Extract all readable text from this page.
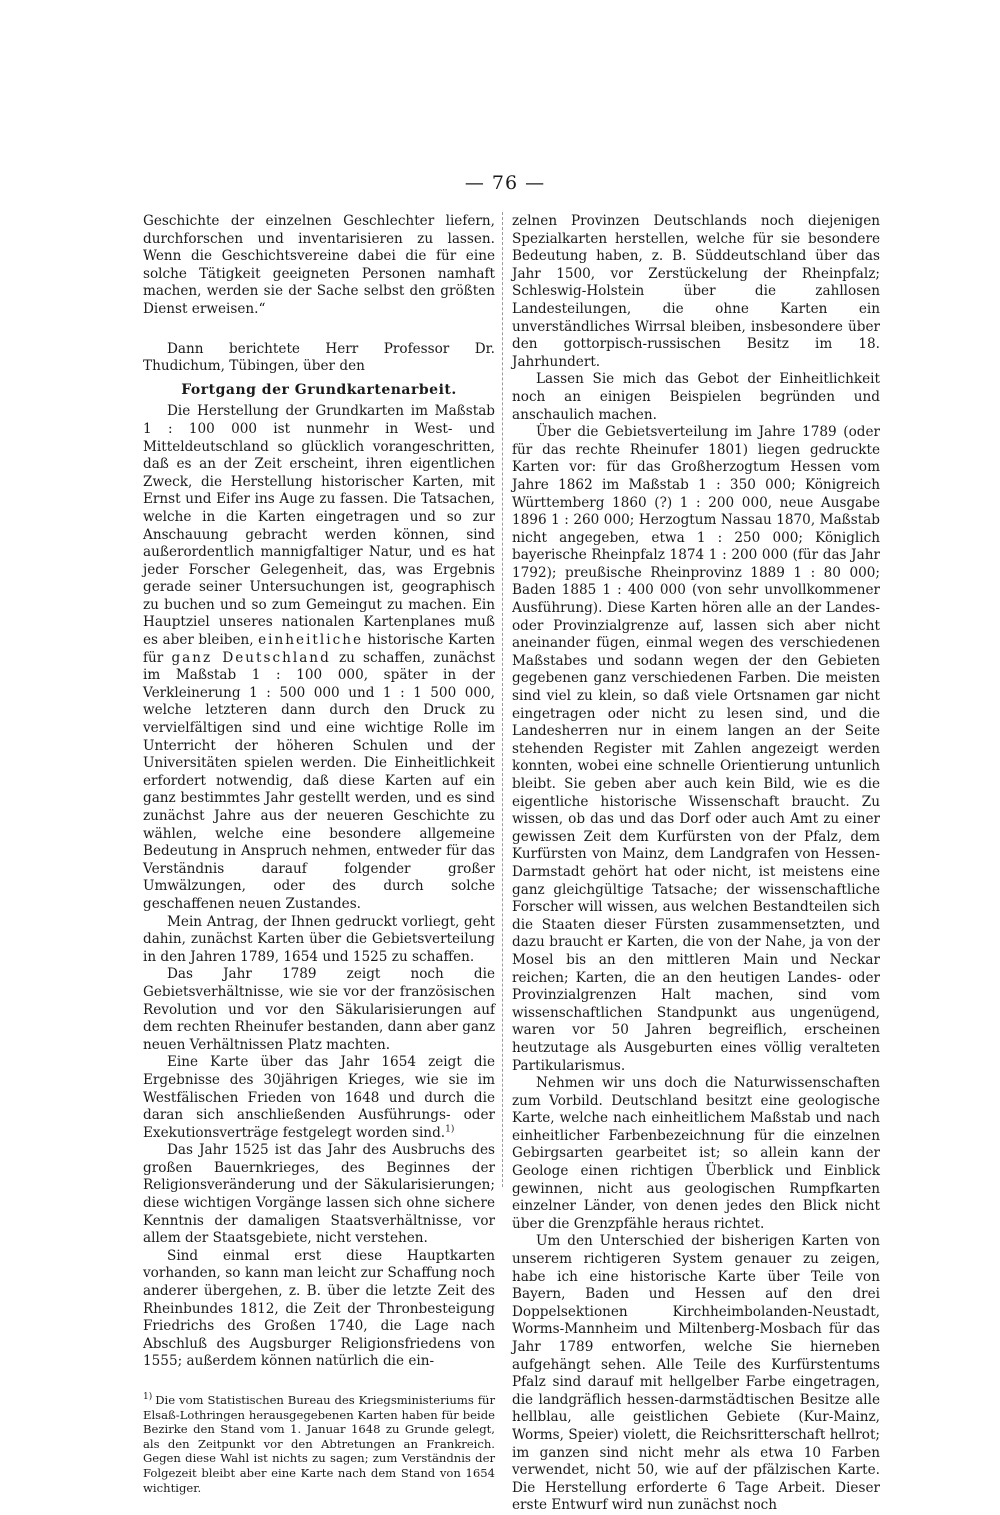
— 76 —

Geschichte der einzelnen Geschlechter liefern, durchforschen und inventarisieren zu lassen. Wenn die Geschichtsvereine dabei die für eine solche Tätigkeit geeigneten Personen namhaft machen, werden sie der Sache selbst den größten Dienst erweisen.“

Dann berichtete Herr Professor Dr. Thudichum, Tübingen, über den

Fortgang der Grundkartenarbeit.

Die Herstellung der Grundkarten im Maßstab 1 : 100 000 ist nunmehr in West- und Mitteldeutschland so glücklich vorangeschritten, daß es an der Zeit erscheint, ihren eigentlichen Zweck, die Herstellung historischer Karten, mit Ernst und Eifer ins Auge zu fassen. Die Tatsachen, welche in die Karten eingetragen und so zur Anschauung gebracht werden können, sind außerordentlich mannigfaltiger Natur, und es hat jeder Forscher Gelegenheit, das, was Ergebnis gerade seiner Untersuchungen ist, geographisch zu buchen und so zum Gemeingut zu machen. Ein Hauptziel unseres nationalen Kartenplanes muß es aber bleiben, einheitliche historische Karten für ganz Deutschland zu schaffen, zunächst im Maßstab 1 : 100 000, später in der Verkleinerung 1 : 500 000 und 1 : 1 500 000, welche letzteren dann durch den Druck zu vervielfältigen sind und eine wichtige Rolle im Unterricht der höheren Schulen und der Universitäten spielen werden. Die Einheitlichkeit erfordert notwendig, daß diese Karten auf ein ganz bestimmtes Jahr gestellt werden, und es sind zunächst Jahre aus der neueren Geschichte zu wählen, welche eine besondere allgemeine Bedeutung in Anspruch nehmen, entweder für das Verständnis darauf folgender großer Umwälzungen, oder des durch solche geschaffenen neuen Zustandes.

Mein Antrag, der Ihnen gedruckt vorliegt, geht dahin, zunächst Karten über die Gebietsverteilung in den Jahren 1789, 1654 und 1525 zu schaffen.

Das Jahr 1789 zeigt noch die Gebietsverhältnisse, wie sie vor der französischen Revolution und vor den Säkularisierungen auf dem rechten Rheinufer bestanden, dann aber ganz neuen Verhältnissen Platz machten.

Eine Karte über das Jahr 1654 zeigt die Ergebnisse des 30jährigen Krieges, wie sie im Westfälischen Frieden von 1648 und durch die daran sich anschließenden Ausführungs- oder Exekutionsverträge festgelegt worden sind.$^{1)}$

Das Jahr 1525 ist das Jahr des Ausbruchs des großen Bauernkrieges, des Beginnes der Religionsveränderung und der Säkularisierungen; diese wichtigen Vorgänge lassen sich ohne sichere Kenntnis der damaligen Staatsverhältnisse, vor allem der Staatsgebiete, nicht verstehen.

Sind einmal erst diese Hauptkarten vorhanden, so kann man leicht zur Schaffung noch anderer übergehen, z. B. über die letzte Zeit des Rheinbundes 1812, die Zeit der Thronbesteigung Friedrichs des Großen 1740, die Lage nach Abschluß des Augsburger Religionsfriedens von 1555; außerdem können natürlich die ein-

$^{1)}$ Die vom Statistischen Bureau des Kriegsministeriums für Elsaß-Lothringen herausgegebenen Karten haben für beide Bezirke den Stand vom 1. Januar 1648 zu Grunde gelegt, als den Zeitpunkt vor den Abtretungen an Frankreich. Gegen diese Wahl ist nichts zu sagen; zum Verständnis der Folgezeit bleibt aber eine Karte nach dem Stand von 1654 wichtiger.

zelnen Provinzen Deutschlands noch diejenigen Spezialkarten herstellen, welche für sie besondere Bedeutung haben, z. B. Süddeutschland über das Jahr 1500, vor Zerstückelung der Rheinpfalz; Schleswig-Holstein über die zahllosen Landesteilungen, die ohne Karten ein unverständliches Wirrsal bleiben, insbesondere über den gottorpisch-russischen Besitz im 18. Jahrhundert.

Lassen Sie mich das Gebot der Einheitlichkeit noch an einigen Beispielen begründen und anschaulich machen.

Über die Gebietsverteilung im Jahre 1789 (oder für das rechte Rheinufer 1801) liegen gedruckte Karten vor: für das Großherzogtum Hessen vom Jahre 1862 im Maßstab 1 : 350 000; Königreich Württemberg 1860 (?) 1 : 200 000, neue Ausgabe 1896 1 : 260 000; Herzogtum Nassau 1870, Maßstab nicht angegeben, etwa 1 : 250 000; Königlich bayerische Rheinpfalz 1874 1 : 200 000 (für das Jahr 1792); preußische Rheinprovinz 1889 1 : 80 000; Baden 1885 1 : 400 000 (von sehr unvollkommener Ausführung). Diese Karten hören alle an der Landes- oder Provinzialgrenze auf, lassen sich aber nicht aneinander fügen, einmal wegen des verschiedenen Maßstabes und sodann wegen der den Gebieten gegebenen ganz verschiedenen Farben. Die meisten sind viel zu klein, so daß viele Ortsnamen gar nicht eingetragen oder nicht zu lesen sind, und die Landesherren nur in einem langen an der Seite stehenden Register mit Zahlen angezeigt werden konnten, wobei eine schnelle Orientierung untunlich bleibt. Sie geben aber auch kein Bild, wie es die eigentliche historische Wissenschaft braucht. Zu wissen, ob das und das Dorf oder auch Amt zu einer gewissen Zeit dem Kurfürsten von der Pfalz, dem Kurfürsten von Mainz, dem Landgrafen von Hessen-Darmstadt gehört hat oder nicht, ist meistens eine ganz gleichgültige Tatsache; der wissenschaftliche Forscher will wissen, aus welchen Bestandteilen sich die Staaten dieser Fürsten zusammensetzten, und dazu braucht er Karten, die von der Nahe, ja von der Mosel bis an den mittleren Main und Neckar reichen; Karten, die an den heutigen Landes- oder Provinzialgrenzen Halt machen, sind vom wissenschaftlichen Standpunkt aus ungenügend, waren vor 50 Jahren begreiflich, erscheinen heutzutage als Ausgeburten eines völlig veralteten Partikularismus.

Nehmen wir uns doch die Naturwissenschaften zum Vorbild. Deutschland besitzt eine geologische Karte, welche nach einheitlichem Maßstab und nach einheitlicher Farbenbezeichnung für die einzelnen Gebirgsarten gearbeitet ist; so allein kann der Geologe einen richtigen Überblick und Einblick gewinnen, nicht aus geologischen Rumpfkarten einzelner Länder, von denen jedes den Blick nicht über die Grenzpfähle heraus richtet.

Um den Unterschied der bisherigen Karten von unserem richtigeren System genauer zu zeigen, habe ich eine historische Karte über Teile von Bayern, Baden und Hessen auf den drei Doppelsektionen Kirchheimbolanden-Neustadt, Worms-Mannheim und Miltenberg-Mosbach für das Jahr 1789 entworfen, welche Sie hierneben aufgehängt sehen. Alle Teile des Kurfürstentums Pfalz sind darauf mit hellgelber Farbe eingetragen, die landgräflich hessen-darmstädtischen Besitze alle hellblau, alle geistlichen Gebiete (Kur-Mainz, Worms, Speier) violett, die Reichsritterschaft hellrot; im ganzen sind nicht mehr als etwa 10 Farben verwendet, nicht 50, wie auf der pfälzischen Karte. Die Herstellung erforderte 6 Tage Arbeit. Dieser erste Entwurf wird nun zunächst noch
